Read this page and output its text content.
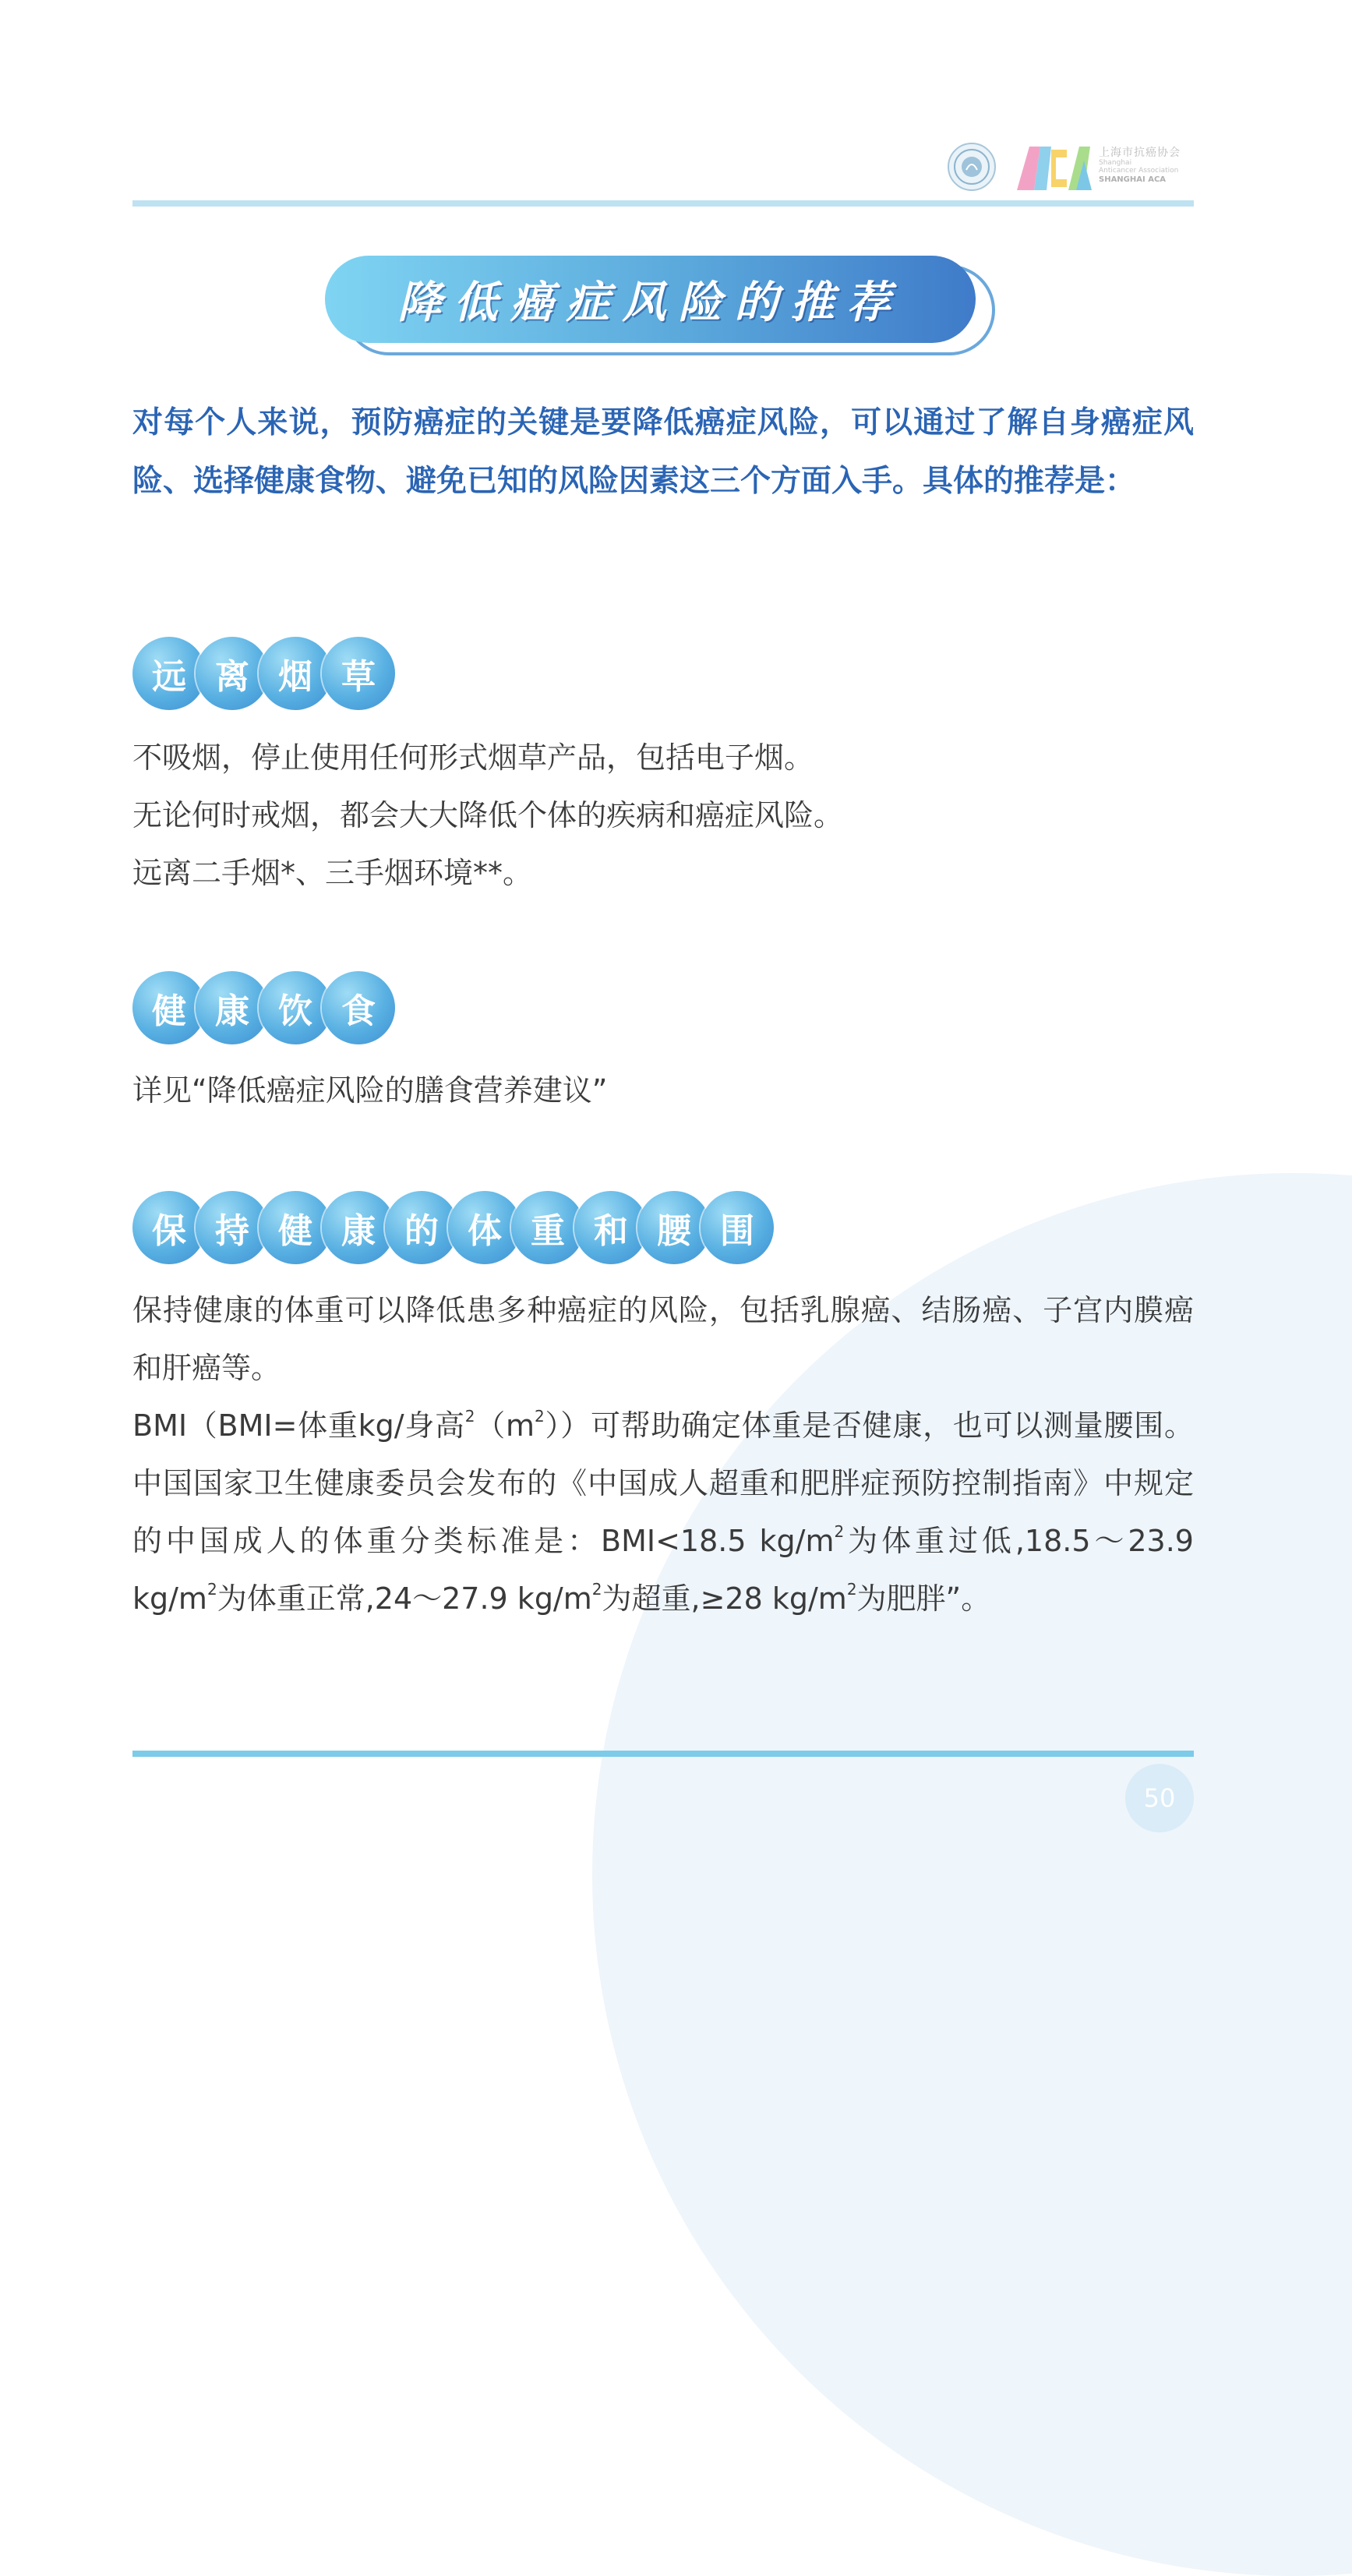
上海市抗癌协会
Shanghai
Anticancer Association
SHANGHAI ACA
降低癌症风险的推荐
对每个人来说，预防癌症的关键是要降低癌症风险，可以通过了解自身癌症风险、选择健康食物、避免已知的风险因素这三个方面入手。具体的推荐是：
远 离 烟 草

不吸烟，停止使用任何形式烟草产品，包括电子烟。

无论何时戒烟，都会大大降低个体的疾病和癌症风险。

远离二手烟*、三手烟环境**。

健 康 饮 食

详见“降低癌症风险的膳食营养建议”

保 持 健 康 的 体 重 和 腰 围

保持健康的体重可以降低患多种癌症的风险，包括乳腺癌、结肠癌、子宫内膜癌和肝癌等。

BMI（BMI=体重kg/身高$^2(m^2)$）可帮助确定体重是否健康，也可以测量腰围。中国国家卫生健康委员会发布的《中国成人超重和肥胖症预防控制指南》中规定的中国成人的体重分类标准是：BMI<18.5 $kg/m^2$为体重过低,18.5～23.9 $kg/m^2$为体重正常,24～27.9 $kg/m^2$为超重,≥28 $kg/m^2$为肥胖”。

50
